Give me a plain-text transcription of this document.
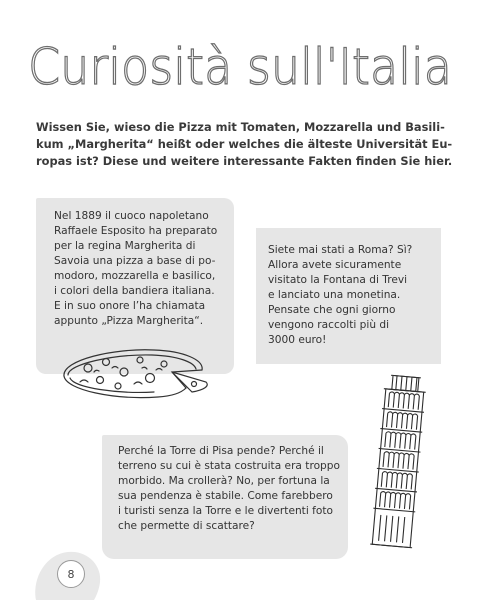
Curiosità sull'Italia
Wissen Sie, wieso die Pizza mit Tomaten, Mozzarella und Basili-
kum „Margherita“ heißt oder welches die älteste Universität Eu-
ropas ist? Diese und weitere interessante Fakten finden Sie hier.
Nel 1889 il cuoco napoletano
Raffaele Esposito ha preparato
per la regina Margherita di
Savoia una pizza a base di po-
modoro, mozzarella e basilico,
i colori della bandiera italiana.
E in suo onore l’ha chiamata
appunto „Pizza Margherita“.
Siete mai stati a Roma? Sì?
Allora avete sicuramente
visitato la Fontana di Trevi
e lanciato una monetina.
Pensate che ogni giorno
vengono raccolti più di
3000 euro!
Perché la Torre di Pisa pende? Perché il
terreno su cui è stata costruita era troppo
morbido. Ma crollerà? No, per fortuna la
sua pendenza è stabile. Come farebbero
i turisti senza la Torre e le divertenti foto
che permette di scattare?
8
